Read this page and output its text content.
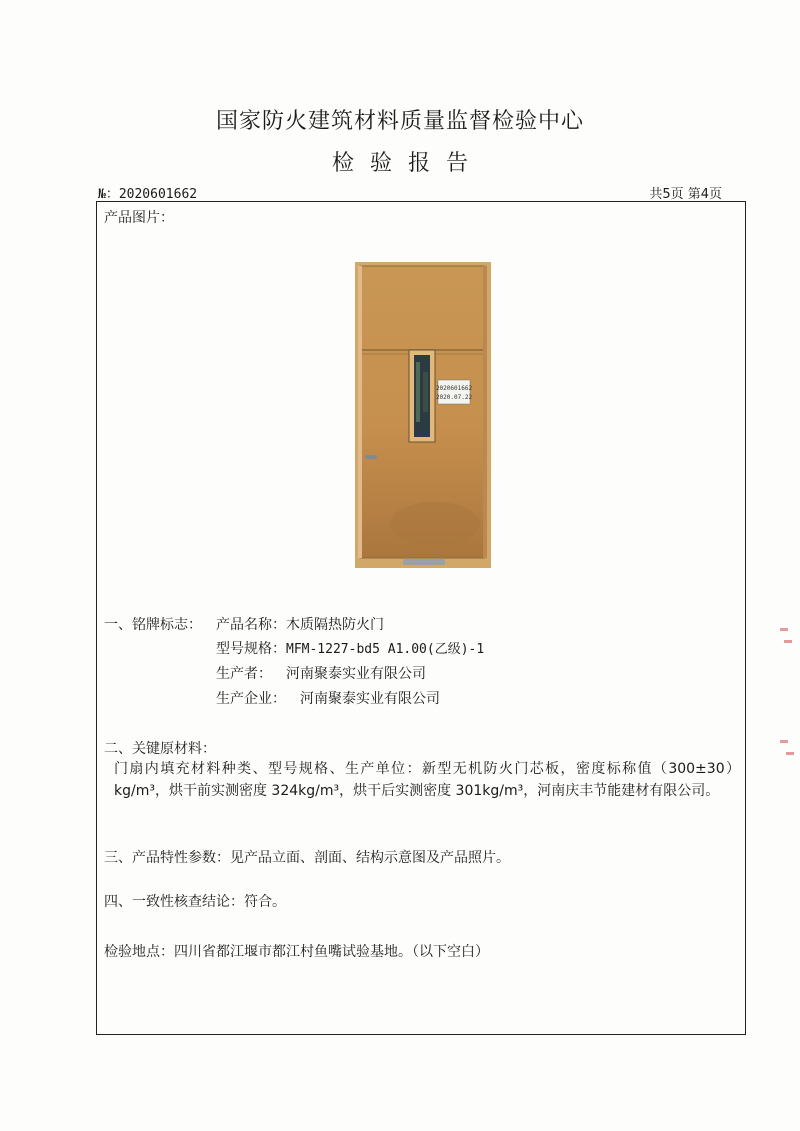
国家防火建筑材料质量监督检验中心
检验报告
№：2020601662	共5页 第4页
产品图片：
2020601662
2020.07.22
一、铭牌标志： 产品名称： 木质隔热防火门
型号规格： MFM-1227-bd5 A1.00(乙级)-1
生产者： 河南聚泰实业有限公司
生产企业： 河南聚泰实业有限公司
二、关键原材料：
门扇内填充材料种类、型号规格、生产单位：新型无机防火门芯板，密度标称值（300±30）kg/m³，烘干前实测密度 324kg/m³，烘干后实测密度 301kg/m³，河南庆丰节能建材有限公司。
三、产品特性参数：见产品立面、剖面、结构示意图及产品照片。
四、一致性核查结论：符合。
检验地点：四川省都江堰市都江村鱼嘴试验基地。（以下空白）
